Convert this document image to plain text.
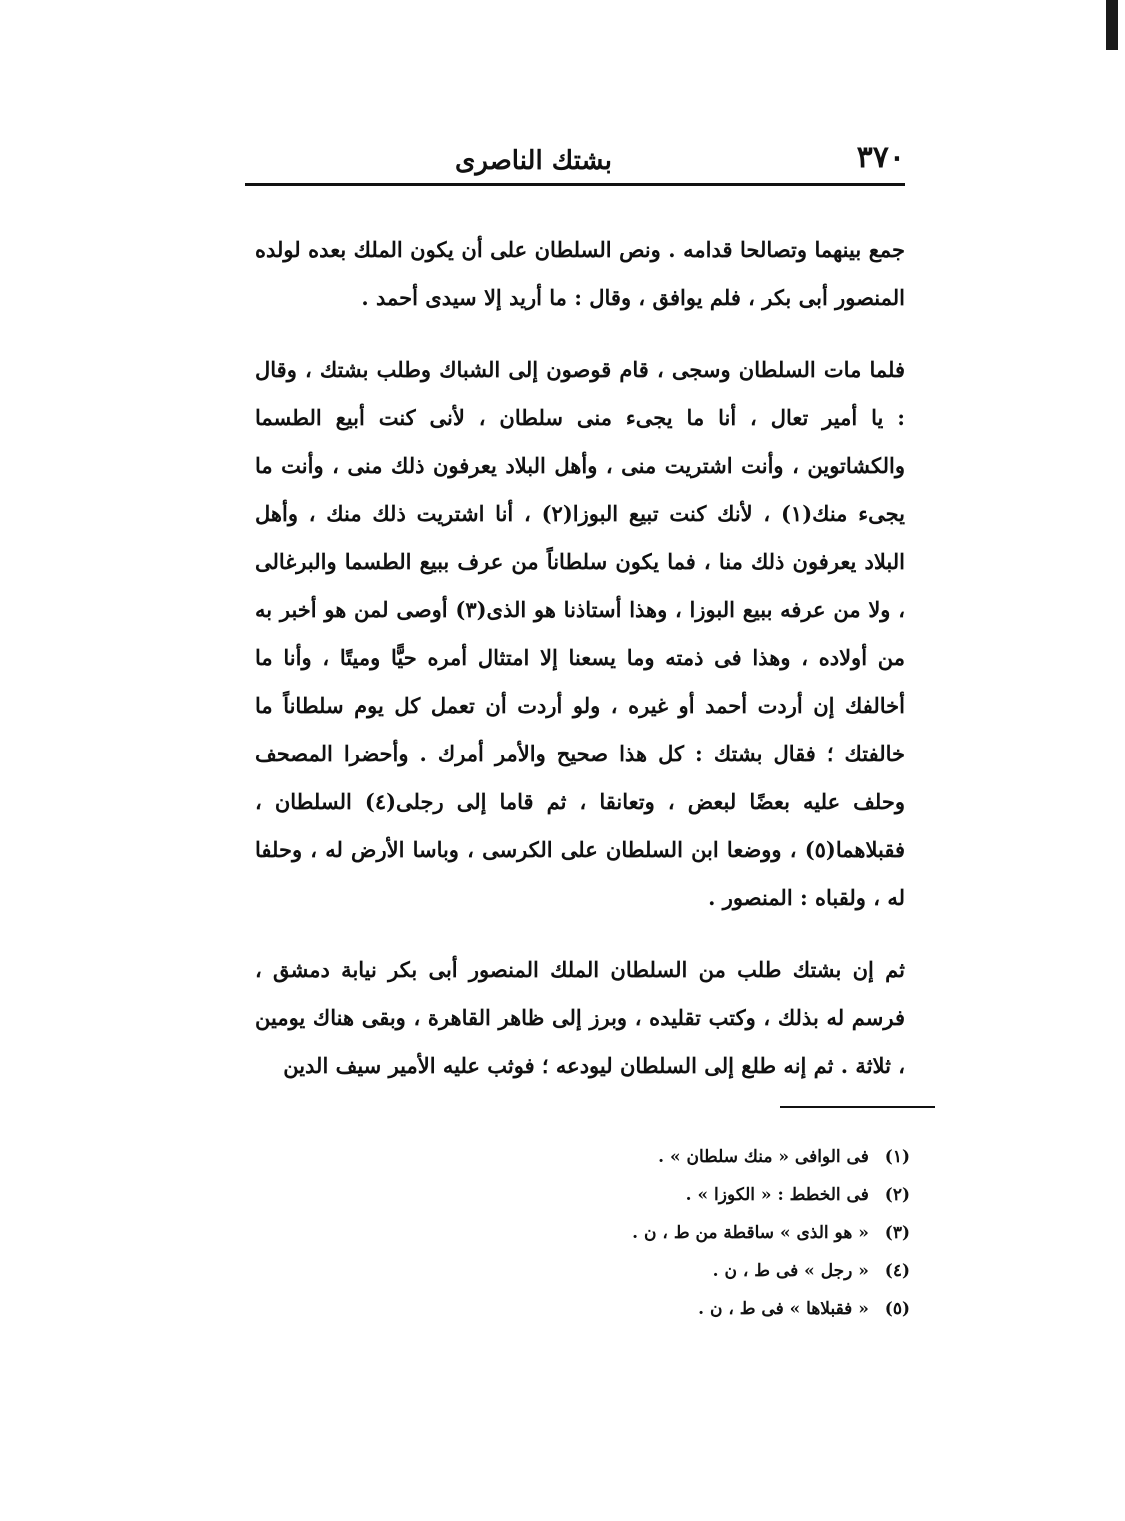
٣٧٠
بشتك الناصرى

جمع بينهما وتصالحا قدامه . ونص السلطان على أن يكون الملك بعده لولده المنصور أبى بكر ، فلم يوافق ، وقال : ما أريد إلا سيدى أحمد .

فلما مات السلطان وسجى ، قام قوصون إلى الشباك وطلب بشتك ، وقال : يا أمير تعال ، أنا ما يجىء منى سلطان ، لأنى كنت أبيع الطسما والكشاتوين ، وأنت اشتريت منى ، وأهل البلاد يعرفون ذلك منى ، وأنت ما يجىء منك(١) ، لأنك كنت تبيع البوزا(٢) ، أنا اشتريت ذلك منك ، وأهل البلاد يعرفون ذلك منا ، فما يكون سلطاناً من عرف ببيع الطسما والبرغالى ، ولا من عرفه ببيع البوزا ، وهذا أستاذنا هو الذى(٣) أوصى لمن هو أخبر به من أولاده ، وهذا فى ذمته وما يسعنا إلا امتثال أمره حيًّا وميتًا ، وأنا ما أخالفك إن أردت أحمد أو غيره ، ولو أردت أن تعمل كل يوم سلطاناً ما خالفتك ؛ فقال بشتك : كل هذا صحيح والأمر أمرك . وأحضرا المصحف وحلف عليه بعضًا لبعض ، وتعانقا ، ثم قاما إلى رجلى(٤) السلطان ، فقبلاهما(٥) ، ووضعا ابن السلطان على الكرسى ، وباسا الأرض له ، وحلفا له ، ولقباه : المنصور .

ثم إن بشتك طلب من السلطان الملك المنصور أبى بكر نيابة دمشق ، فرسم له بذلك ، وكتب تقليده ، وبرز إلى ظاهر القاهرة ، وبقى هناك يومين ، ثلاثة . ثم إنه طلع إلى السلطان ليودعه ؛ فوثب عليه الأمير سيف الدين

(١) فى الوافى « منك سلطان » .
(٢) فى الخطط : « الكوزا » .
(٣) « هو الذى » ساقطة من ط ، ن .
(٤) « رجل » فى ط ، ن .
(٥) « فقبلاها » فى ط ، ن .
